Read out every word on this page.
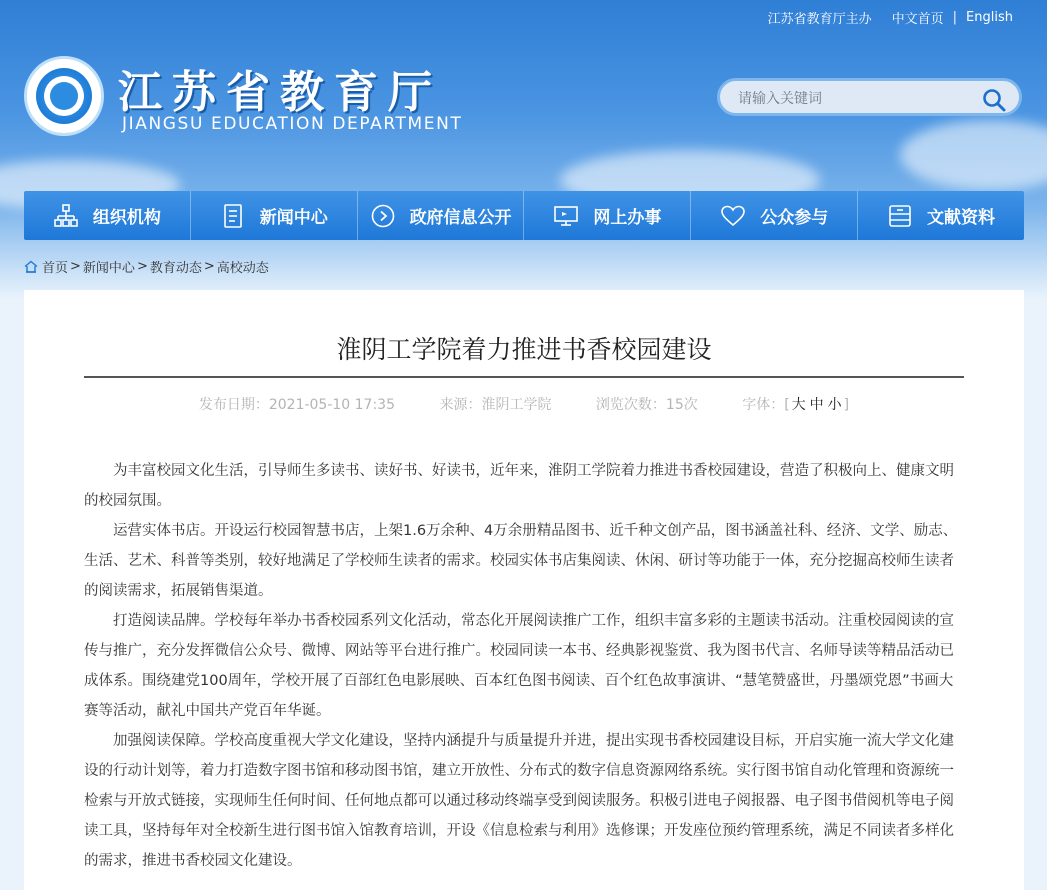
江苏省教育厅主办 中文首页 | English
江苏省教育厅
JIANGSU EDUCATION DEPARTMENT
请输入关键词
组织机构	新闻中心	政府信息公开	网上办事	公众参与	文献资料
首页 > 新闻中心 > 教育动态 > 高校动态
淮阴工学院着力推进书香校园建设
发布日期：2021-05-10 17:35	来源：淮阴工学院	浏览次数：15次	字体：[ 大 中 小 ]

为丰富校园文化生活，引导师生多读书、读好书、好读书，近年来，淮阴工学院着力推进书香校园建设，营造了积极向上、健康文明的校园氛围。

运营实体书店。开设运行校园智慧书店，上架1.6万余种、4万余册精品图书、近千种文创产品，图书涵盖社科、经济、文学、励志、生活、艺术、科普等类别，较好地满足了学校师生读者的需求。校园实体书店集阅读、休闲、研讨等功能于一体，充分挖掘高校师生读者的阅读需求，拓展销售渠道。

打造阅读品牌。学校每年举办书香校园系列文化活动，常态化开展阅读推广工作，组织丰富多彩的主题读书活动。注重校园阅读的宣传与推广，充分发挥微信公众号、微博、网站等平台进行推广。校园同读一本书、经典影视鉴赏、我为图书代言、名师导读等精品活动已成体系。围绕建党100周年，学校开展了百部红色电影展映、百本红色图书阅读、百个红色故事演讲、“慧笔赞盛世，丹墨颂党恩”书画大赛等活动，献礼中国共产党百年华诞。

加强阅读保障。学校高度重视大学文化建设，坚持内涵提升与质量提升并进，提出实现书香校园建设目标，开启实施一流大学文化建设的行动计划等，着力打造数字图书馆和移动图书馆，建立开放性、分布式的数字信息资源网络系统。实行图书馆自动化管理和资源统一检索与开放式链接，实现师生任何时间、任何地点都可以通过移动终端享受到阅读服务。积极引进电子阅报器、电子图书借阅机等电子阅读工具，坚持每年对全校新生进行图书馆入馆教育培训，开设《信息检索与利用》选修课；开发座位预约管理系统，满足不同读者多样化的需求，推进书香校园文化建设。
